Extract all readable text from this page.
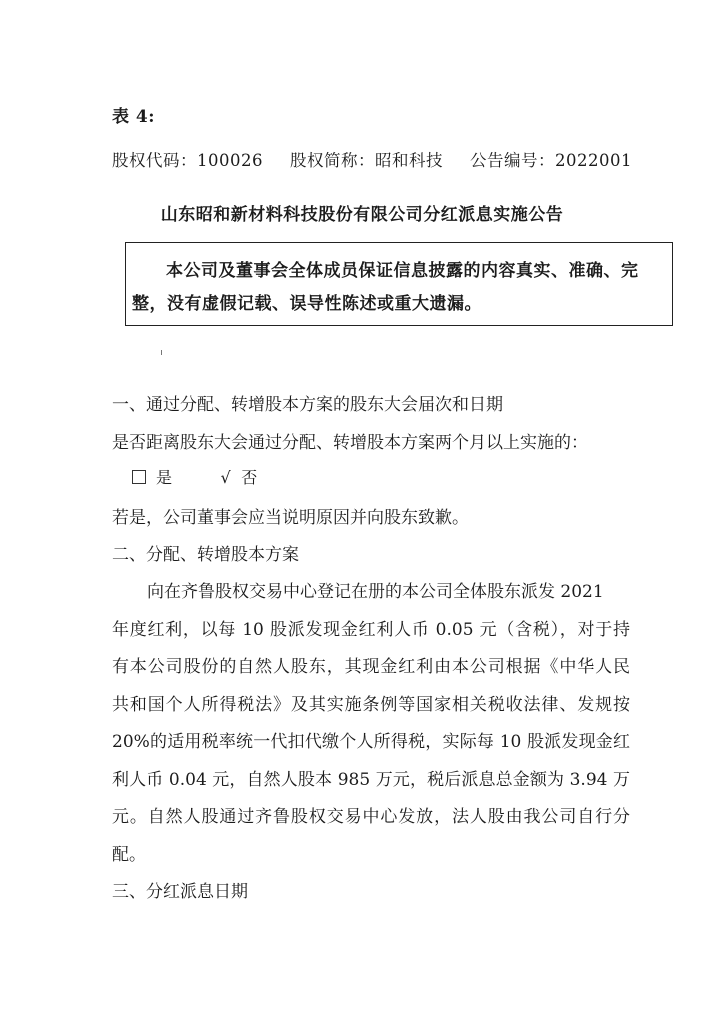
表 4:
股权代码：100026 股权简称：昭和科技 公告编号：2022001
山东昭和新材料科技股份有限公司分红派息实施公告
本公司及董事会全体成员保证信息披露的内容真实、准确、完
整，没有虚假记载、误导性陈述或重大遗漏。
一、通过分配、转增股本方案的股东大会届次和日期
是否距离股东大会通过分配、转增股本方案两个月以上实施的：
是	√ 否
若是，公司董事会应当说明原因并向股东致歉。
二、分配、转增股本方案
向在齐鲁股权交易中心登记在册的本公司全体股东派发 2021
年度红利，以每 10 股派发现金红利人币 0.05 元（含税），对于持
有本公司股份的自然人股东，其现金红利由本公司根据《中华人民
共和国个人所得税法》及其实施条例等国家相关税收法律、发规按
20%的适用税率统一代扣代缴个人所得税，实际每 10 股派发现金红
利人币 0.04 元，自然人股本 985 万元，税后派息总金额为 3.94 万
元。自然人股通过齐鲁股权交易中心发放，法人股由我公司自行分
配。
三、分红派息日期
